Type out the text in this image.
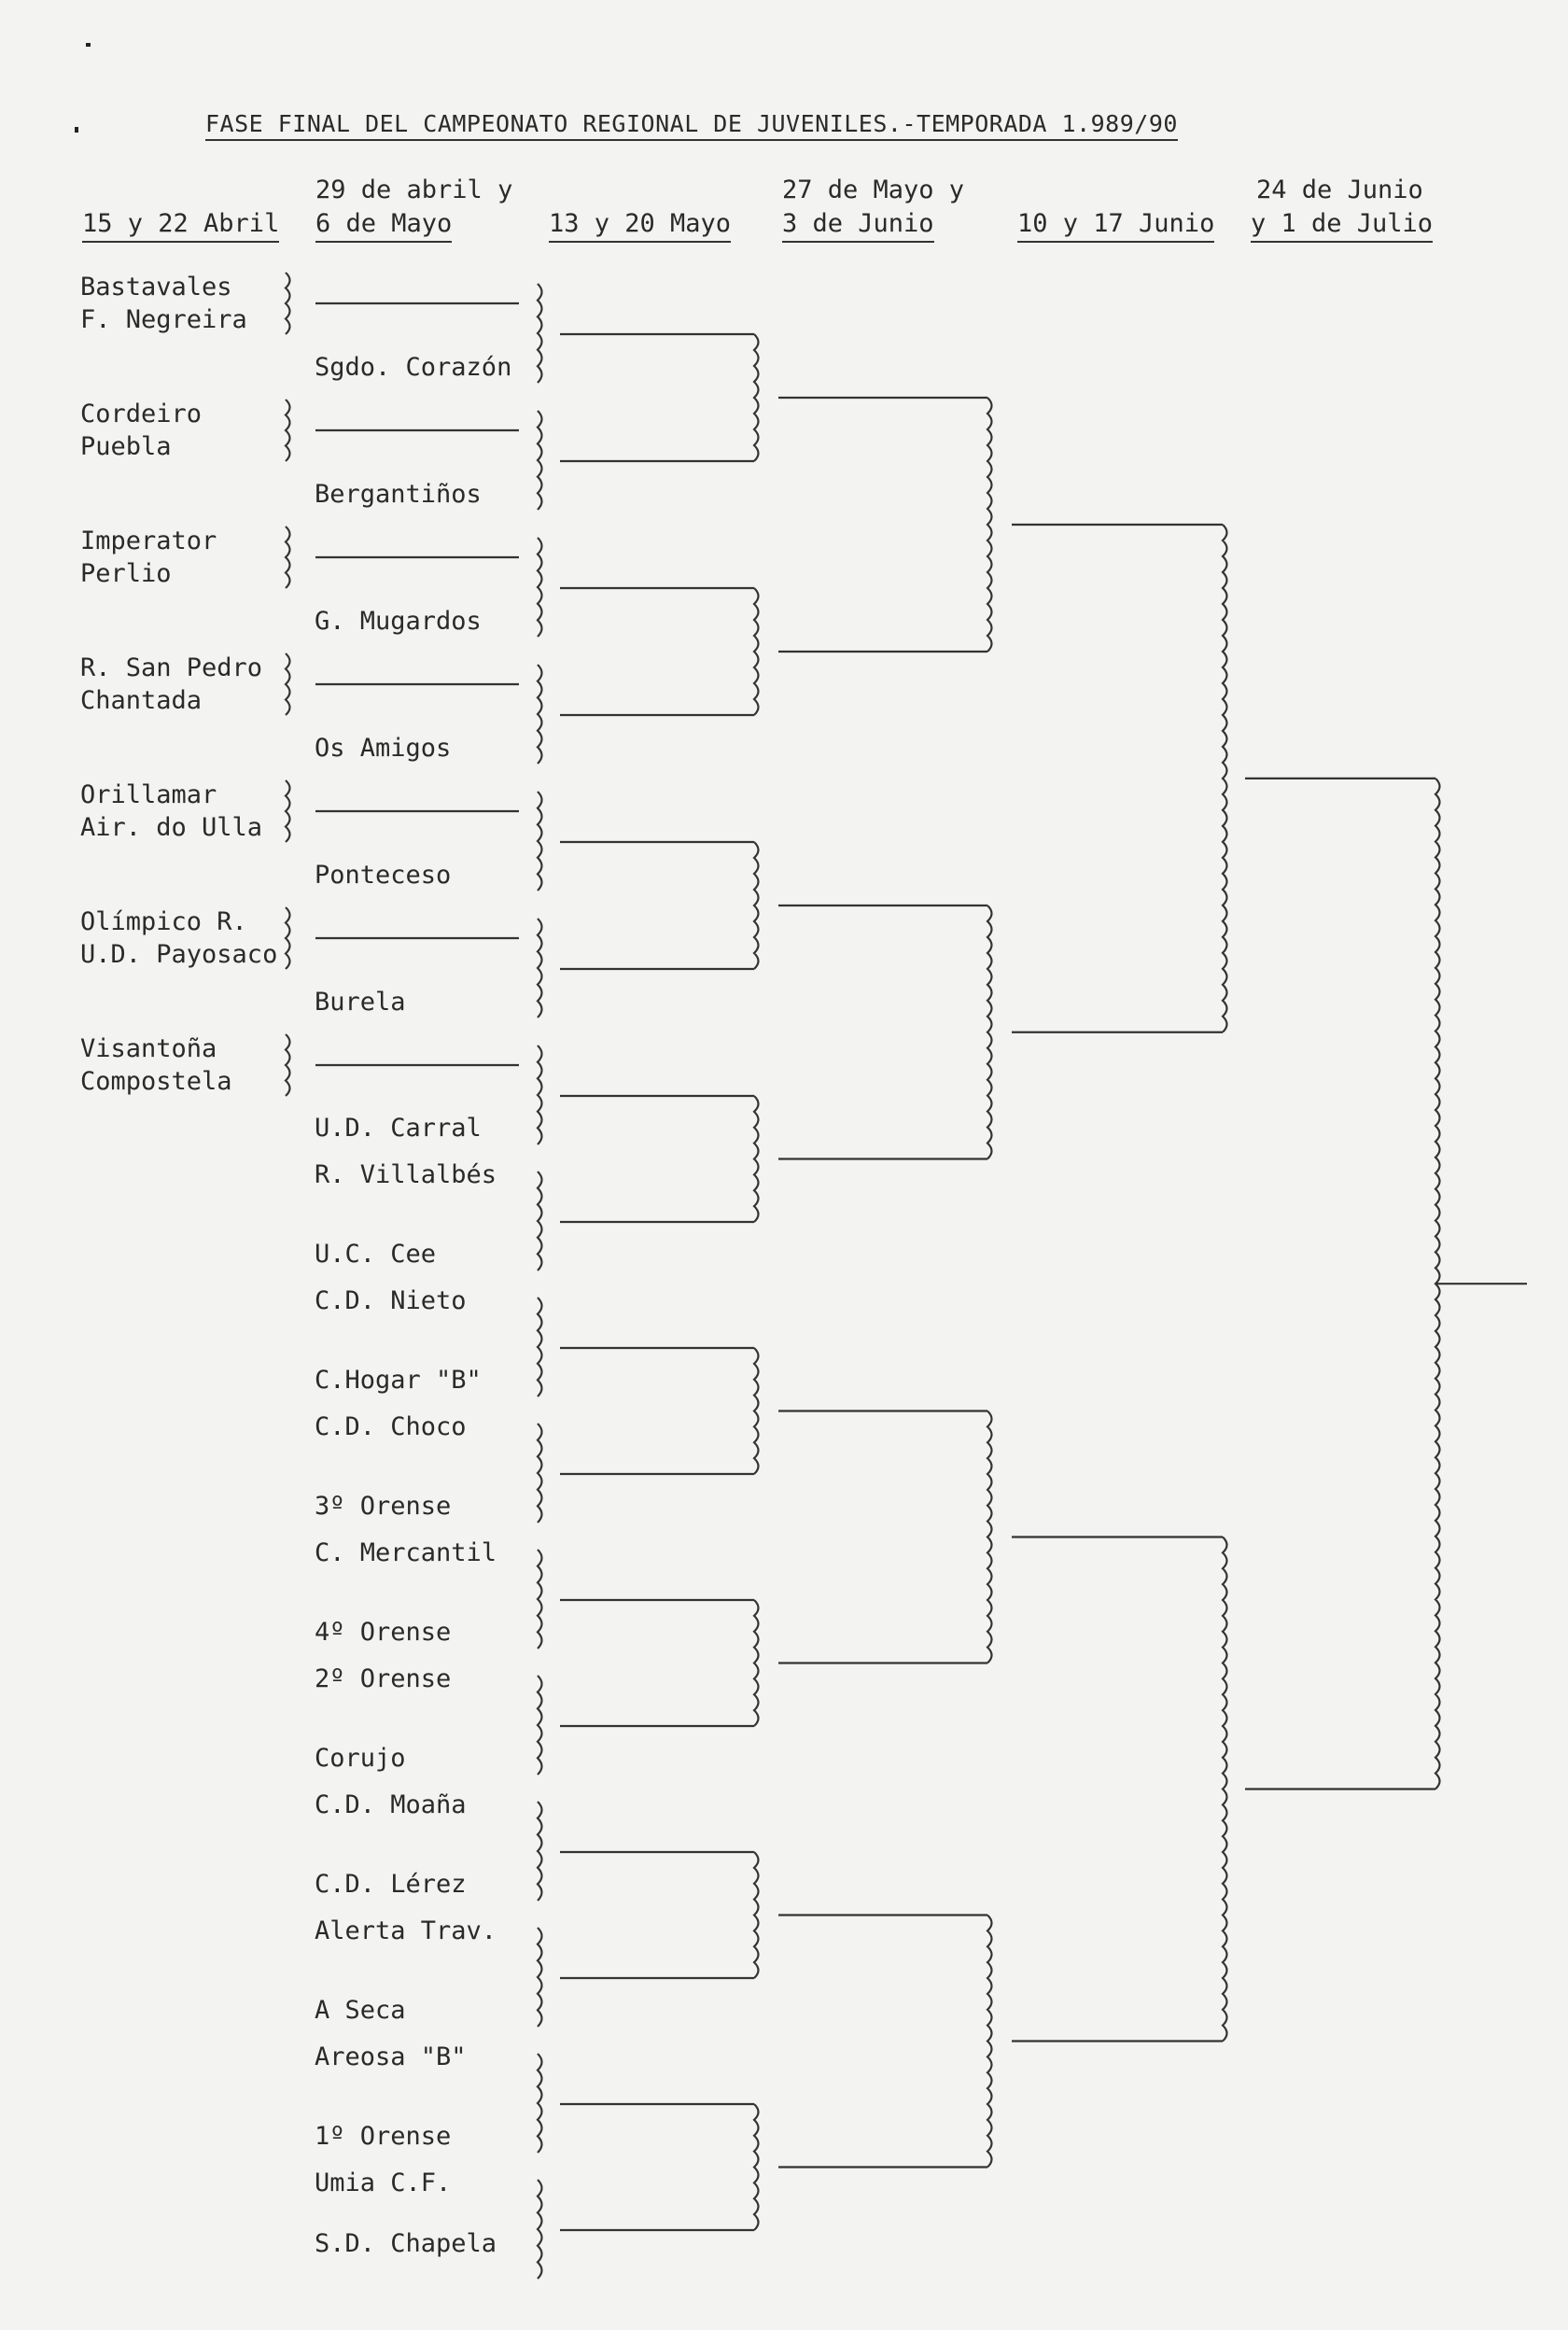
FASE FINAL DEL CAMPEONATO REGIONAL DE JUVENILES.-TEMPORADA 1.989/90
15 y 22 Abril
29 de abril y
6 de Mayo	13 y 20 Mayo
27 de Mayo y
3 de Junio	10 y 17 Junio
24 de Junio
y 1 de Julio
Bastavales
F. Negreira
Cordeiro
Puebla
Imperator
Perlio
R. San Pedro
Chantada
Orillamar
Air. do Ulla
Olímpico R.
U.D. Payosaco
Visantoña
Compostela
Sgdo. Corazón
Bergantiños
G. Mugardos
Os Amigos
Ponteceso
Burela
U.D. Carral
R. Villalbés
U.C. Cee
C.D. Nieto
C.Hogar "B"
C.D. Choco
3º Orense
C. Mercantil
4º Orense
2º Orense
Corujo
C.D. Moaña
C.D. Lérez
Alerta Trav.
A Seca
Areosa "B"
1º Orense
Umia C.F.
S.D. Chapela
